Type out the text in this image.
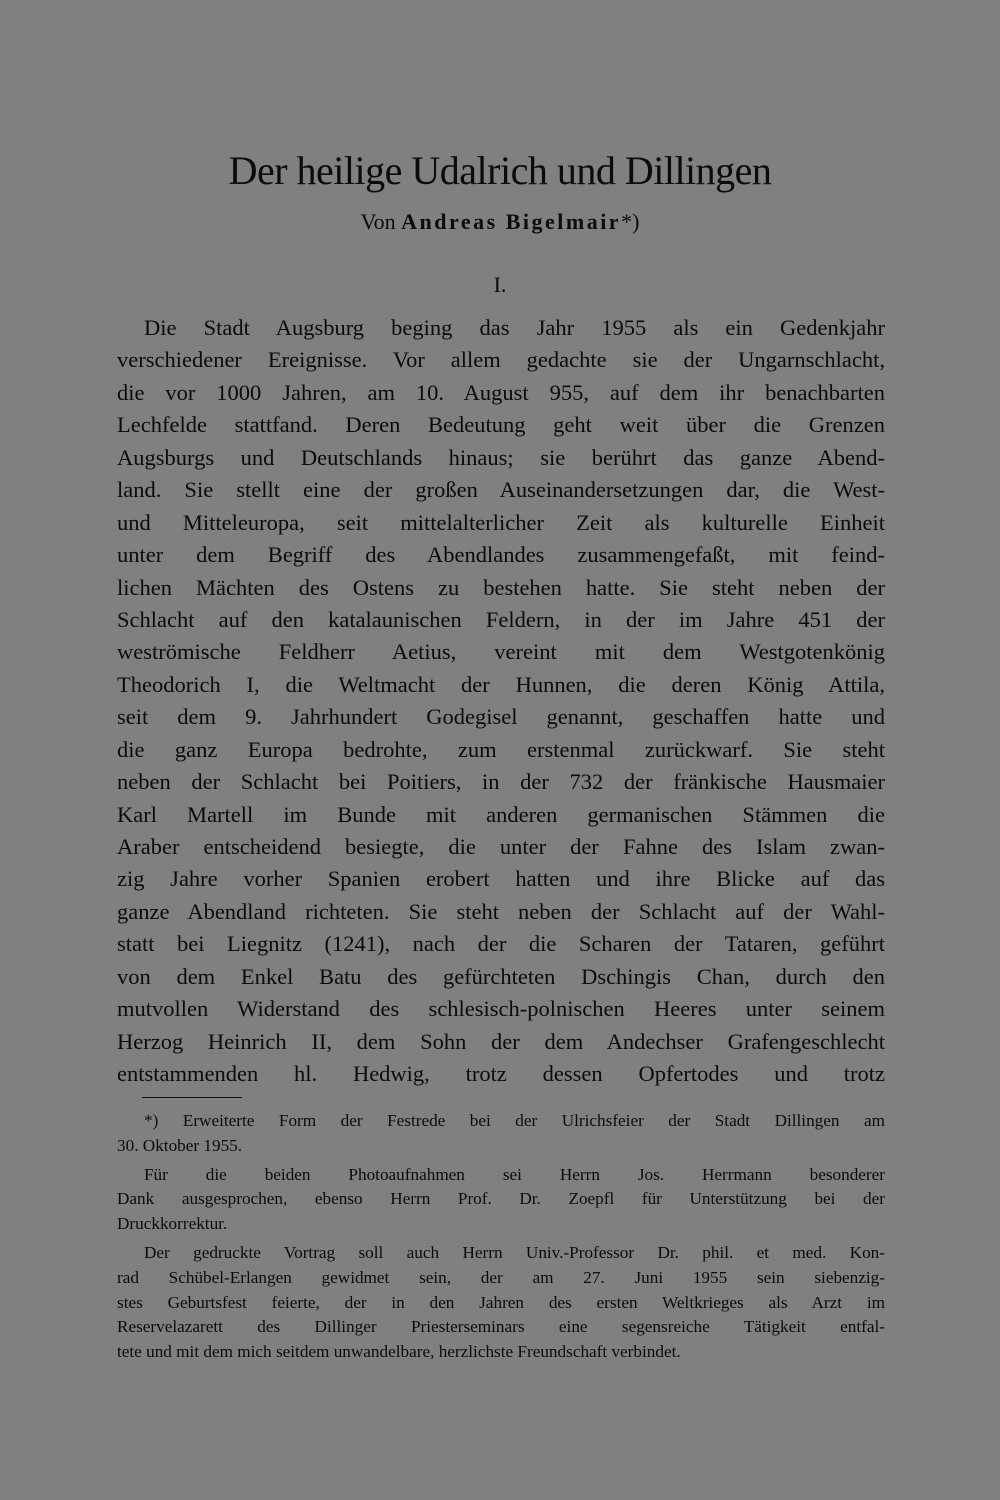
Der heilige Udalrich und Dillingen
Von Andreas Bigelmair*)
I.
Die Stadt Augsburg beging das Jahr 1955 als ein Gedenkjahr
verschiedener Ereignisse. Vor allem gedachte sie der Ungarnschlacht,
die vor 1000 Jahren, am 10. August 955, auf dem ihr benachbarten
Lechfelde stattfand. Deren Bedeutung geht weit über die Grenzen
Augsburgs und Deutschlands hinaus; sie berührt das ganze Abend-
land. Sie stellt eine der großen Auseinandersetzungen dar, die West-
und Mitteleuropa, seit mittelalterlicher Zeit als kulturelle Einheit
unter dem Begriff des Abendlandes zusammengefaßt, mit feind-
lichen Mächten des Ostens zu bestehen hatte. Sie steht neben der
Schlacht auf den katalaunischen Feldern, in der im Jahre 451 der
weströmische Feldherr Aetius, vereint mit dem Westgotenkönig
Theodorich I, die Weltmacht der Hunnen, die deren König Attila,
seit dem 9. Jahrhundert Godegisel genannt, geschaffen hatte und
die ganz Europa bedrohte, zum erstenmal zurückwarf. Sie steht
neben der Schlacht bei Poitiers, in der 732 der fränkische Hausmaier
Karl Martell im Bunde mit anderen germanischen Stämmen die
Araber entscheidend besiegte, die unter der Fahne des Islam zwan-
zig Jahre vorher Spanien erobert hatten und ihre Blicke auf das
ganze Abendland richteten. Sie steht neben der Schlacht auf der Wahl-
statt bei Liegnitz (1241), nach der die Scharen der Tataren, geführt
von dem Enkel Batu des gefürchteten Dschingis Chan, durch den
mutvollen Widerstand des schlesisch-polnischen Heeres unter seinem
Herzog Heinrich II, dem Sohn der dem Andechser Grafengeschlecht
entstammenden hl. Hedwig, trotz dessen Opfertodes und trotz
*) Erweiterte Form der Festrede bei der Ulrichsfeier der Stadt Dillingen am
30. Oktober 1955.
Für die beiden Photoaufnahmen sei Herrn Jos. Herrmann besonderer
Dank ausgesprochen, ebenso Herrn Prof. Dr. Zoepfl für Unterstützung bei der
Druckkorrektur.
Der gedruckte Vortrag soll auch Herrn Univ.-Professor Dr. phil. et med. Kon-
rad Schübel-Erlangen gewidmet sein, der am 27. Juni 1955 sein siebenzig-
stes Geburtsfest feierte, der in den Jahren des ersten Weltkrieges als Arzt im
Reservelazarett des Dillinger Priesterseminars eine segensreiche Tätigkeit entfal-
tete und mit dem mich seitdem unwandelbare, herzlichste Freundschaft verbindet.
